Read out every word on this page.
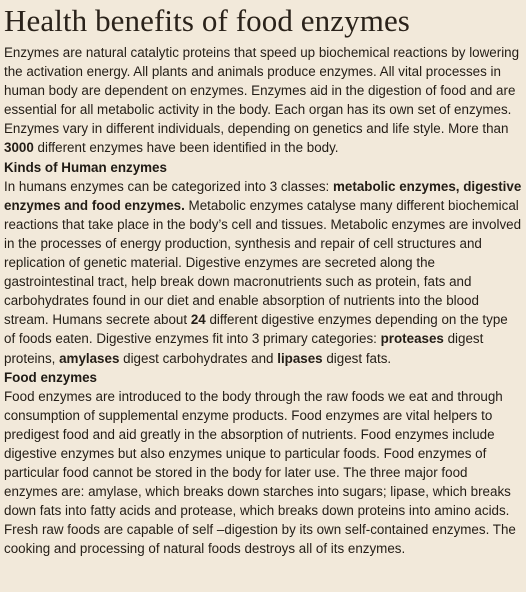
Health benefits of food enzymes

Enzymes are natural catalytic proteins that speed up biochemical reactions by lowering the activation energy. All plants and animals produce enzymes. All vital processes in human body are dependent on enzymes. Enzymes aid in the digestion of food and are essential for all metabolic activity in the body. Each organ has its own set of enzymes. Enzymes vary in different individuals, depending on genetics and life style. More than 3000 different enzymes have been identified in the body.

Kinds of Human enzymes

In humans enzymes can be categorized into 3 classes: metabolic enzymes, digestive enzymes and food enzymes. Metabolic enzymes catalyse many different biochemical reactions that take place in the body’s cell and tissues. Metabolic enzymes are involved in the processes of energy production, synthesis and repair of cell structures and replication of genetic material. Digestive enzymes are secreted along the gastrointestinal tract, help break down macronutrients such as protein, fats and carbohydrates found in our diet and enable absorption of nutrients into the blood stream. Humans secrete about 24 different digestive enzymes depending on the type of foods eaten. Digestive enzymes fit into 3 primary categories: proteases digest proteins, amylases digest carbohydrates and lipases digest fats.

Food enzymes

Food enzymes are introduced to the body through the raw foods we eat and through consumption of supplemental enzyme products. Food enzymes are vital helpers to predigest food and aid greatly in the absorption of nutrients. Food enzymes include digestive enzymes but also enzymes unique to particular foods. Food enzymes of particular food cannot be stored in the body for later use. The three major food enzymes are: amylase, which breaks down starches into sugars; lipase, which breaks down fats into fatty acids and protease, which breaks down proteins into amino acids. Fresh raw foods are capable of self –digestion by its own self-contained enzymes. The cooking and processing of natural foods destroys all of its enzymes.
